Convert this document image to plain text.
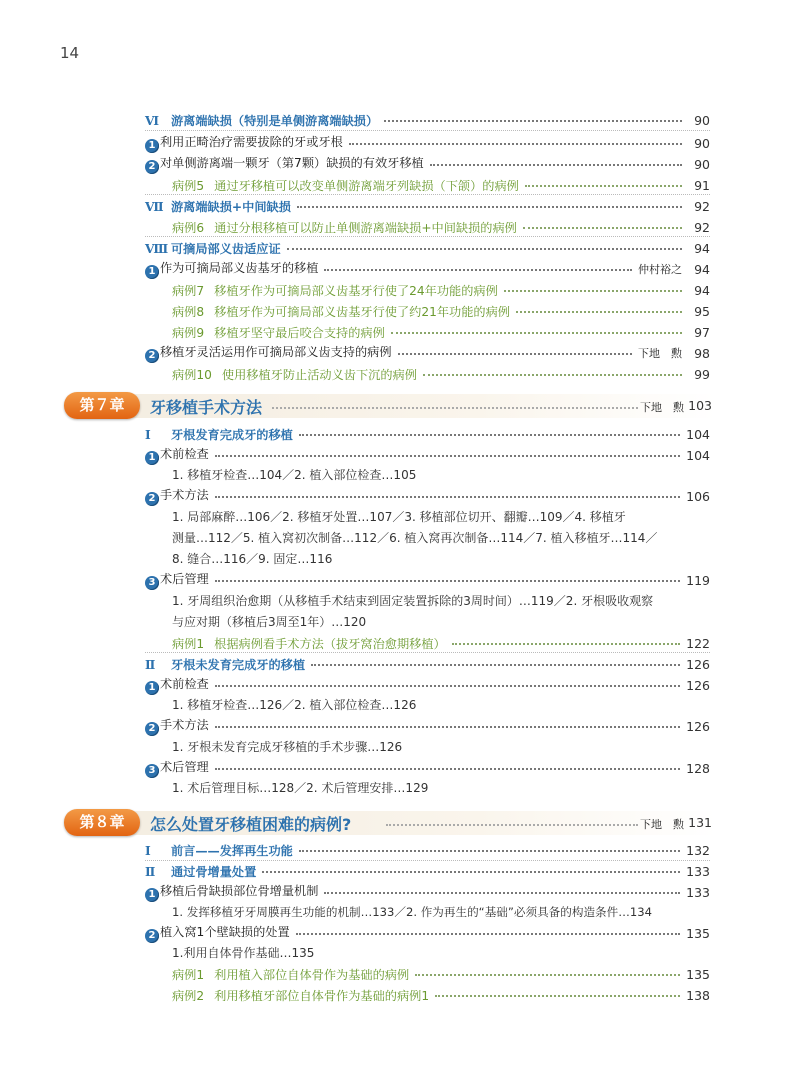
14
Ⅵ 游离端缺损（特别是单侧游离端缺损）	90
1 利用正畸治疗需要拔除的牙或牙根	90
2 对单侧游离端一颗牙（第7颗）缺损的有效牙移植	90
病例5 通过牙移植可以改变单侧游离端牙列缺损（下颌）的病例	91
Ⅶ 游离端缺损+中间缺损	92
病例6 通过分根移植可以防止单侧游离端缺损+中间缺损的病例	92
Ⅷ 可摘局部义齿适应证	94
1 作为可摘局部义齿基牙的移植	仲村裕之 94
病例7 移植牙作为可摘局部义齿基牙行使了24年功能的病例	94
病例8 移植牙作为可摘局部义齿基牙行使了约21年功能的病例	95
病例9 移植牙坚守最后咬合支持的病例	97
2 移植牙灵活运用作可摘局部义齿支持的病例	下地　勲 98
病例10 使用移植牙防止活动义齿下沉的病例	99
第７章	牙移植手术方法	下地　勲 103
Ⅰ 牙根发育完成牙的移植	104
1 术前检查	104
1. 移植牙检查…104／2. 植入部位检查…105
2 手术方法	106
1. 局部麻醉…106／2. 移植牙处置…107／3. 移植部位切开、翻瓣…109／4. 移植牙
测量…112／5. 植入窝初次制备…112／6. 植入窝再次制备…114／7. 植入移植牙…114／
8. 缝合…116／9. 固定…116
3 术后管理	119
1. 牙周组织治愈期（从移植手术结束到固定装置拆除的3周时间）…119／2. 牙根吸收观察
与应对期（移植后3周至1年）…120
病例1 根据病例看手术方法（拔牙窝治愈期移植）	122
Ⅱ 牙根未发育完成牙的移植	126
1 术前检查	126
1. 移植牙检查…126／2. 植入部位检查…126
2 手术方法	126
1. 牙根未发育完成牙移植的手术步骤…126
3 术后管理	128
1. 术后管理目标…128／2. 术后管理安排…129
第８章	怎么处置牙移植困难的病例?	下地　勲 131
Ⅰ 前言——发挥再生功能	132
Ⅱ 通过骨增量处置	133
1 移植后骨缺损部位骨增量机制	133
1. 发挥移植牙牙周膜再生功能的机制…133／2. 作为再生的“基础”必须具备的构造条件…134
2 植入窝1个壁缺损的处置	135
1.利用自体骨作基础…135
病例1 利用植入部位自体骨作为基础的病例	135
病例2 利用移植牙部位自体骨作为基础的病例1	138
